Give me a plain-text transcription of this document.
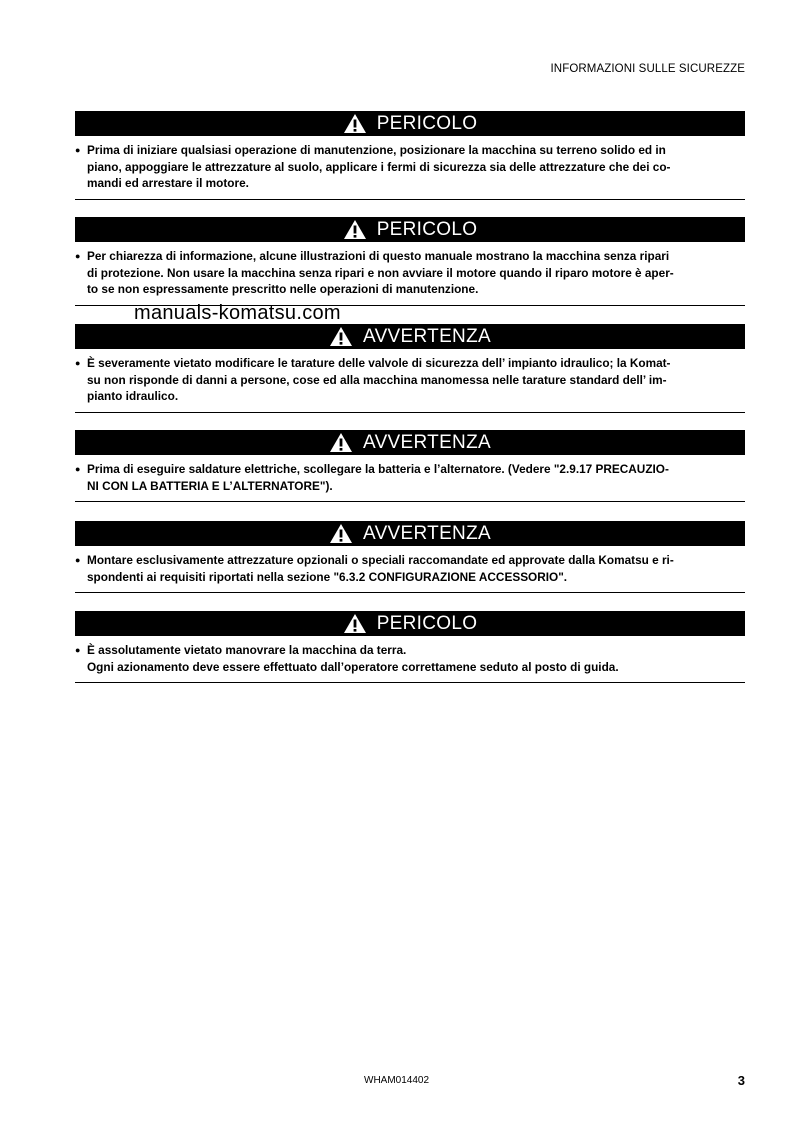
INFORMAZIONI SULLE SICUREZZE
manuals-komatsu.com
PERICOLO
● Prima di iniziare qualsiasi operazione di manutenzione, posizionare la macchina su terreno solido ed in
piano, appoggiare le attrezzature al suolo, applicare i fermi di sicurezza sia delle attrezzature che dei co-
mandi ed arrestare il motore.
PERICOLO
● Per chiarezza di informazione, alcune illustrazioni di questo manuale mostrano la macchina senza ripari
di protezione. Non usare la macchina senza ripari e non avviare il motore quando il riparo motore è aper-
to se non espressamente prescritto nelle operazioni di manutenzione.
AVVERTENZA
● È severamente vietato modificare le tarature delle valvole di sicurezza dell’ impianto idraulico; la Komat-
su non risponde di danni a persone, cose ed alla macchina manomessa nelle tarature standard dell’ im-
pianto idraulico.
AVVERTENZA
● Prima di eseguire saldature elettriche, scollegare la batteria e l’alternatore. (Vedere "2.9.17 PRECAUZIO-
NI CON LA BATTERIA E L’ALTERNATORE").
AVVERTENZA
● Montare esclusivamente attrezzature opzionali o speciali raccomandate ed approvate dalla Komatsu e ri-
spondenti ai requisiti riportati nella sezione "6.3.2 CONFIGURAZIONE ACCESSORIO".
PERICOLO
● È assolutamente vietato manovrare la macchina da terra.
Ogni azionamento deve essere effettuato dall’operatore correttamene seduto al posto di guida.
WHAM014402	3
